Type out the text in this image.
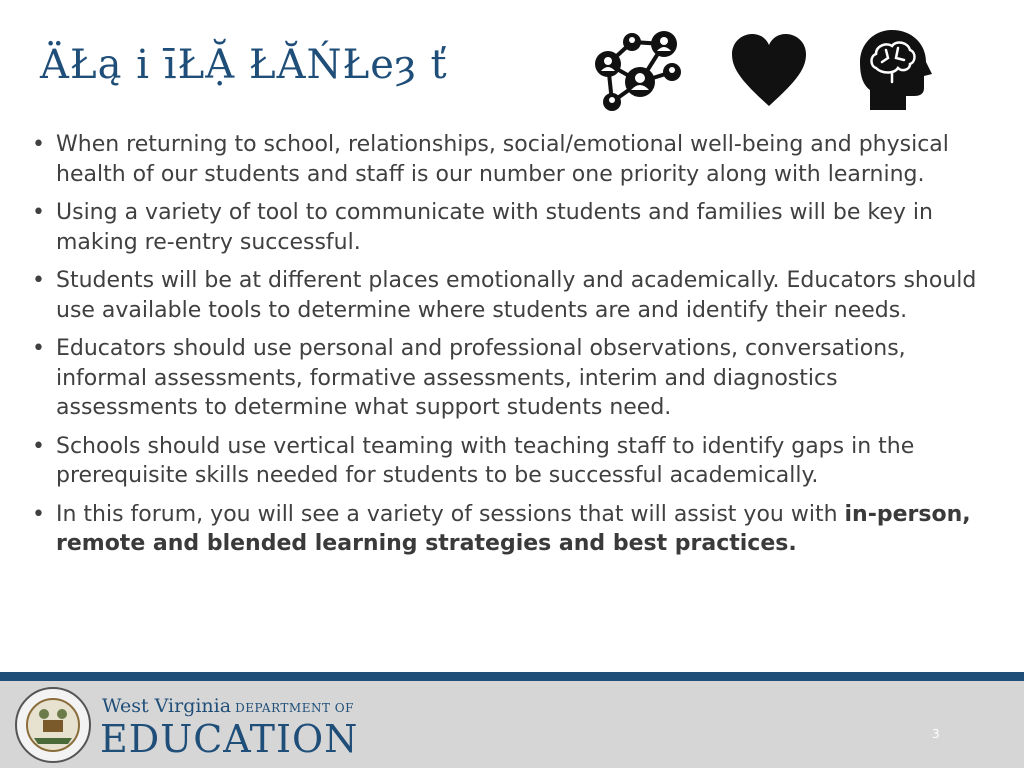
ÄŁą i īŁẶ ŁĂŃŁeȝ ť
• When returning to school, relationships, social/emotional well-being and physical health of our students and staff is our number one priority along with learning.
• Using a variety of tool to communicate with students and families will be key in making re-entry successful.
• Students will be at different places emotionally and academically. Educators should use available tools to determine where students are and identify their needs.
• Educators should use personal and professional observations, conversations, informal assessments, formative assessments, interim and diagnostics assessments to determine what support students need.
• Schools should use vertical teaming with teaching staff to identify gaps in the prerequisite skills needed for students to be successful academically.
• In this forum, you will see a variety of sessions that will assist you with in-person, remote and blended learning strategies and best practices.
West Virginia DEPARTMENT OF
EDUCATION	3
